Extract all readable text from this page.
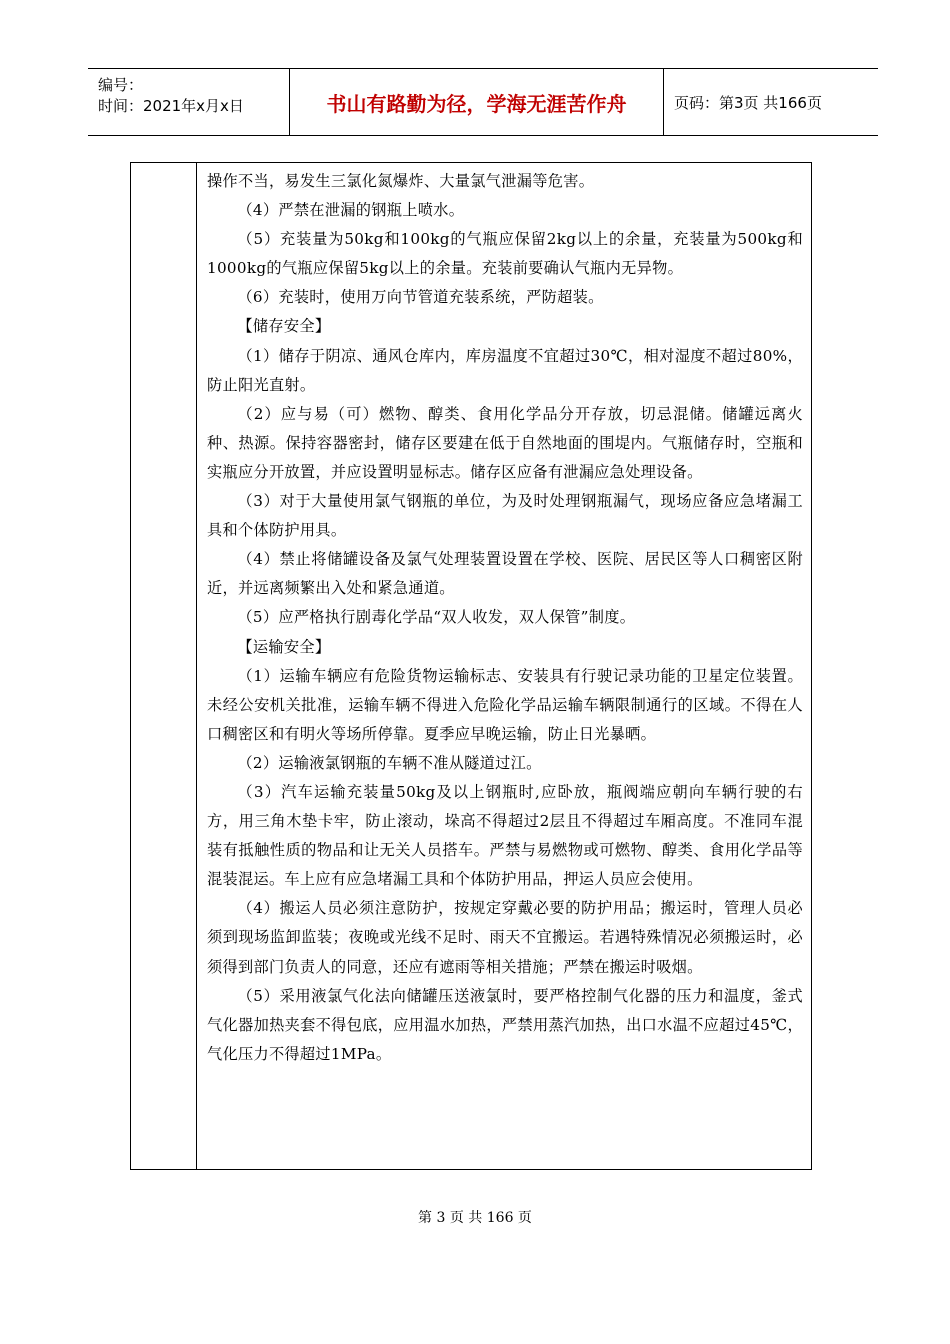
编号：
时间：2021年x月x日	书山有路勤为径，学海无涯苦作舟	页码：第3页 共166页

操作不当，易发生三氯化氮爆炸、大量氯气泄漏等危害。

（4）严禁在泄漏的钢瓶上喷水。

（5）充装量为50kg和100kg的气瓶应保留2kg以上的余量，充装量为500kg和1000kg的气瓶应保留5kg以上的余量。充装前要确认气瓶内无异物。

（6）充装时，使用万向节管道充装系统，严防超装。

【储存安全】

（1）储存于阴凉、通风仓库内，库房温度不宜超过30℃，相对湿度不超过80%，防止阳光直射。

（2）应与易（可）燃物、醇类、食用化学品分开存放，切忌混储。储罐远离火种、热源。保持容器密封，储存区要建在低于自然地面的围堤内。气瓶储存时，空瓶和实瓶应分开放置，并应设置明显标志。储存区应备有泄漏应急处理设备。

（3）对于大量使用氯气钢瓶的单位，为及时处理钢瓶漏气，现场应备应急堵漏工具和个体防护用具。

（4）禁止将储罐设备及氯气处理装置设置在学校、医院、居民区等人口稠密区附近，并远离频繁出入处和紧急通道。

（5）应严格执行剧毒化学品“双人收发，双人保管”制度。

【运输安全】

（1）运输车辆应有危险货物运输标志、安装具有行驶记录功能的卫星定位装置。未经公安机关批准，运输车辆不得进入危险化学品运输车辆限制通行的区域。不得在人口稠密区和有明火等场所停靠。夏季应早晚运输，防止日光暴晒。

（2）运输液氯钢瓶的车辆不准从隧道过江。

（3）汽车运输充装量50kg及以上钢瓶时,应卧放，瓶阀端应朝向车辆行驶的右方，用三角木垫卡牢，防止滚动，垛高不得超过2层且不得超过车厢高度。不准同车混装有抵触性质的物品和让无关人员搭车。严禁与易燃物或可燃物、醇类、食用化学品等混装混运。车上应有应急堵漏工具和个体防护用品，押运人员应会使用。

（4）搬运人员必须注意防护，按规定穿戴必要的防护用品；搬运时，管理人员必须到现场监卸监装；夜晚或光线不足时、雨天不宜搬运。若遇特殊情况必须搬运时，必须得到部门负责人的同意，还应有遮雨等相关措施；严禁在搬运时吸烟。

（5）采用液氯气化法向储罐压送液氯时，要严格控制气化器的压力和温度，釜式气化器加热夹套不得包底，应用温水加热，严禁用蒸汽加热，出口水温不应超过45℃，气化压力不得超过1MPa。

第 3 页 共 166 页
